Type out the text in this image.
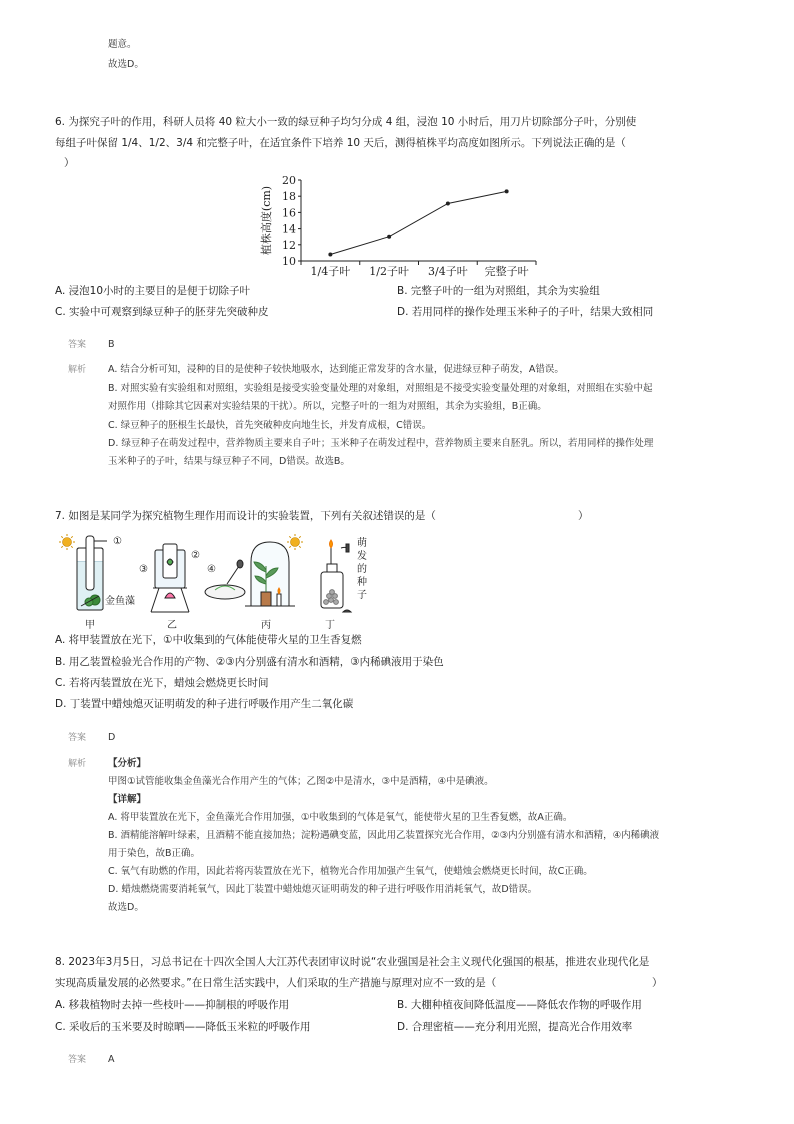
题意。
故选D。
6. 为探究子叶的作用，科研人员将 40 粒大小一致的绿豆种子均匀分成 4 组，浸泡 10 小时后，用刀片切除部分子叶，分别使
每组子叶保留 1/4、1/2、3/4 和完整子叶，在适宜条件下培养 10 天后，测得植株平均高度如图所示。下列说法正确的是（
）
10
12
14
16
18
20
1/4子叶 1/2子叶 3/4子叶 完整子叶
植株高度(cm)
A. 浸泡10小时的主要目的是便于切除子叶	B. 完整子叶的一组为对照组，其余为实验组
C. 实验中可观察到绿豆种子的胚芽先突破种皮	D. 若用同样的操作处理玉米种子的子叶，结果大致相同
答案 B
解析 A. 结合分析可知，浸种的目的是使种子较快地吸水，达到能正常发芽的含水量，促进绿豆种子萌发，A错误。
B. 对照实验有实验组和对照组，实验组是接受实验变量处理的对象组，对照组是不接受实验变量处理的对象组，对照组在实验中起
对照作用（排除其它因素对实验结果的干扰）。所以，完整子叶的一组为对照组，其余为实验组，B正确。
C. 绿豆种子的胚根生长最快，首先突破种皮向地生长，并发育成根，C错误。
D. 绿豆种子在萌发过程中，营养物质主要来自子叶；玉米种子在萌发过程中，营养物质主要来自胚乳。所以，若用同样的操作处理
玉米种子的子叶，结果与绿豆种子不同，D错误。故选B。
7. 如图是某同学为探究植物生理作用而设计的实验装置，下列有关叙述错误的是（	）
①
金鱼藻
甲
②
③
乙
④
丙	丁
萌
发
的
种
子
A. 将甲装置放在光下，①中收集到的气体能使带火星的卫生香复燃
B. 用乙装置检验光合作用的产物、②③内分别盛有清水和酒精，③内稀碘液用于染色
C. 若将丙装置放在光下，蜡烛会燃烧更长时间
D. 丁装置中蜡烛熄灭证明萌发的种子进行呼吸作用产生二氧化碳
答案 D
解析 【分析】
甲图①试管能收集金鱼藻光合作用产生的气体；乙图②中是清水，③中是酒精，④中是碘液。
【详解】
A. 将甲装置放在光下，金鱼藻光合作用加强，①中收集到的气体是氧气，能使带火星的卫生香复燃，故A正确。
B. 酒精能溶解叶绿素，且酒精不能直接加热；淀粉遇碘变蓝，因此用乙装置探究光合作用，②③内分别盛有清水和酒精，④内稀碘液
用于染色，故B正确。
C. 氧气有助燃的作用，因此若将丙装置放在光下，植物光合作用加强产生氧气，使蜡烛会燃烧更长时间，故C正确。
D. 蜡烛燃烧需要消耗氧气，因此丁装置中蜡烛熄灭证明萌发的种子进行呼吸作用消耗氧气，故D错误。
故选D。
8. 2023年3月5日，习总书记在十四次全国人大江苏代表团审议时说“农业强国是社会主义现代化强国的根基，推进农业现代化是
实现高质量发展的必然要求。”在日常生活实践中，人们采取的生产措施与原理对应不一致的是（	）
A. 移栽植物时去掉一些枝叶——抑制根的呼吸作用	B. 大棚种植夜间降低温度——降低农作物的呼吸作用
C. 采收后的玉米要及时晾晒——降低玉米粒的呼吸作用	D. 合理密植——充分利用光照，提高光合作用效率
答案 A
